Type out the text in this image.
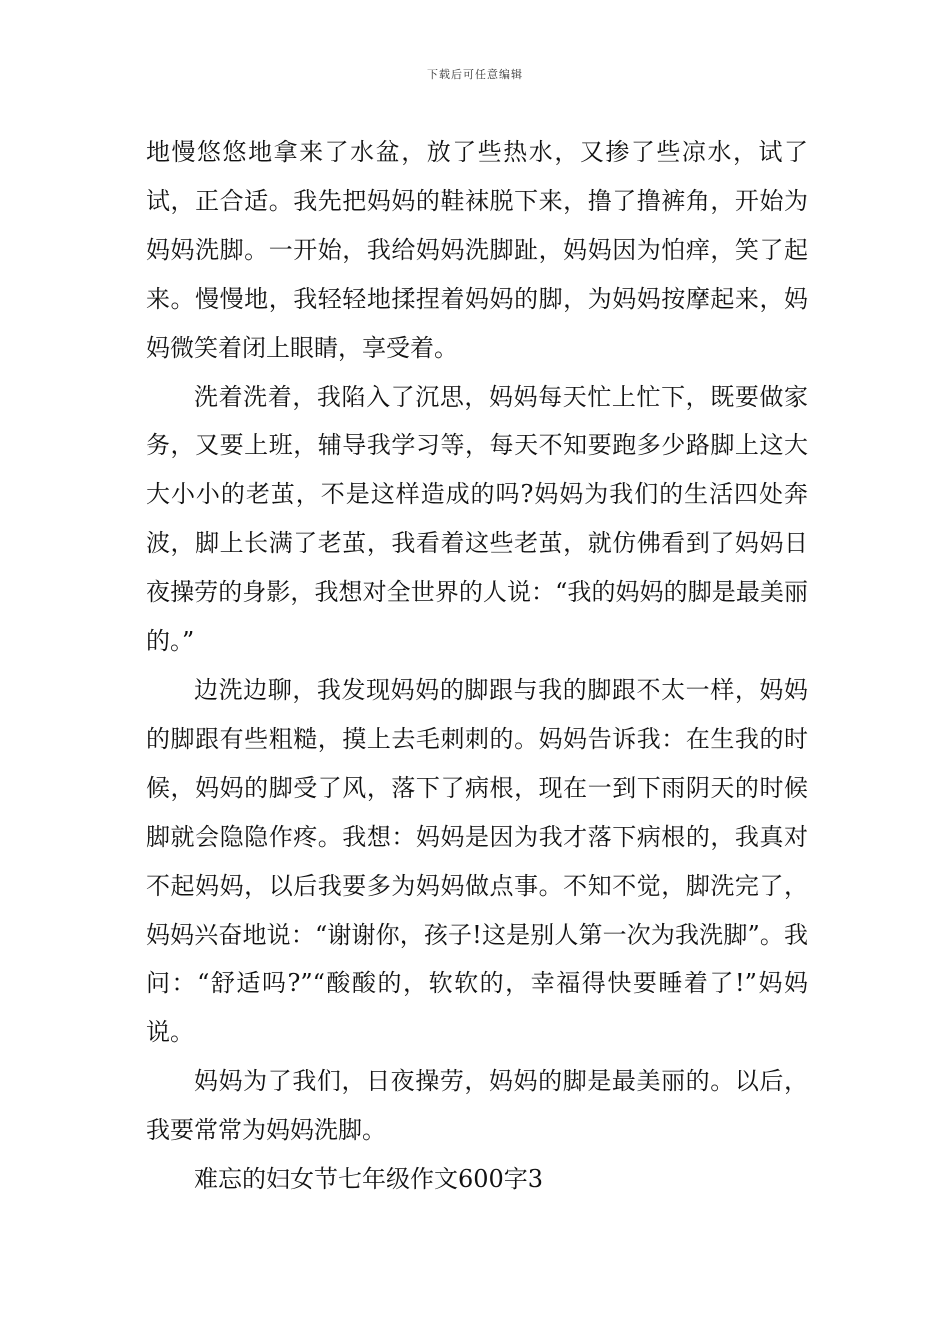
下载后可任意编辑

地慢悠悠地拿来了水盆，放了些热水，又掺了些凉水，试了试，正合适。我先把妈妈的鞋袜脱下来，撸了撸裤角，开始为妈妈洗脚。一开始，我给妈妈洗脚趾，妈妈因为怕痒，笑了起来。慢慢地，我轻轻地揉捏着妈妈的脚，为妈妈按摩起来，妈妈微笑着闭上眼睛，享受着。

洗着洗着，我陷入了沉思，妈妈每天忙上忙下，既要做家务，又要上班，辅导我学习等，每天不知要跑多少路脚上这大大小小的老茧，不是这样造成的吗?妈妈为我们的生活四处奔波，脚上长满了老茧，我看着这些老茧，就仿佛看到了妈妈日夜操劳的身影，我想对全世界的人说：“我的妈妈的脚是最美丽的。”

边洗边聊，我发现妈妈的脚跟与我的脚跟不太一样，妈妈的脚跟有些粗糙，摸上去毛刺刺的。妈妈告诉我：在生我的时候，妈妈的脚受了风，落下了病根，现在一到下雨阴天的时候脚就会隐隐作疼。我想：妈妈是因为我才落下病根的，我真对不起妈妈，以后我要多为妈妈做点事。不知不觉，脚洗完了，妈妈兴奋地说：“谢谢你，孩子!这是别人第一次为我洗脚”。我问：“舒适吗?”“酸酸的，软软的，幸福得快要睡着了!”妈妈说。

妈妈为了我们，日夜操劳，妈妈的脚是最美丽的。以后，我要常常为妈妈洗脚。

难忘的妇女节七年级作文600字3
